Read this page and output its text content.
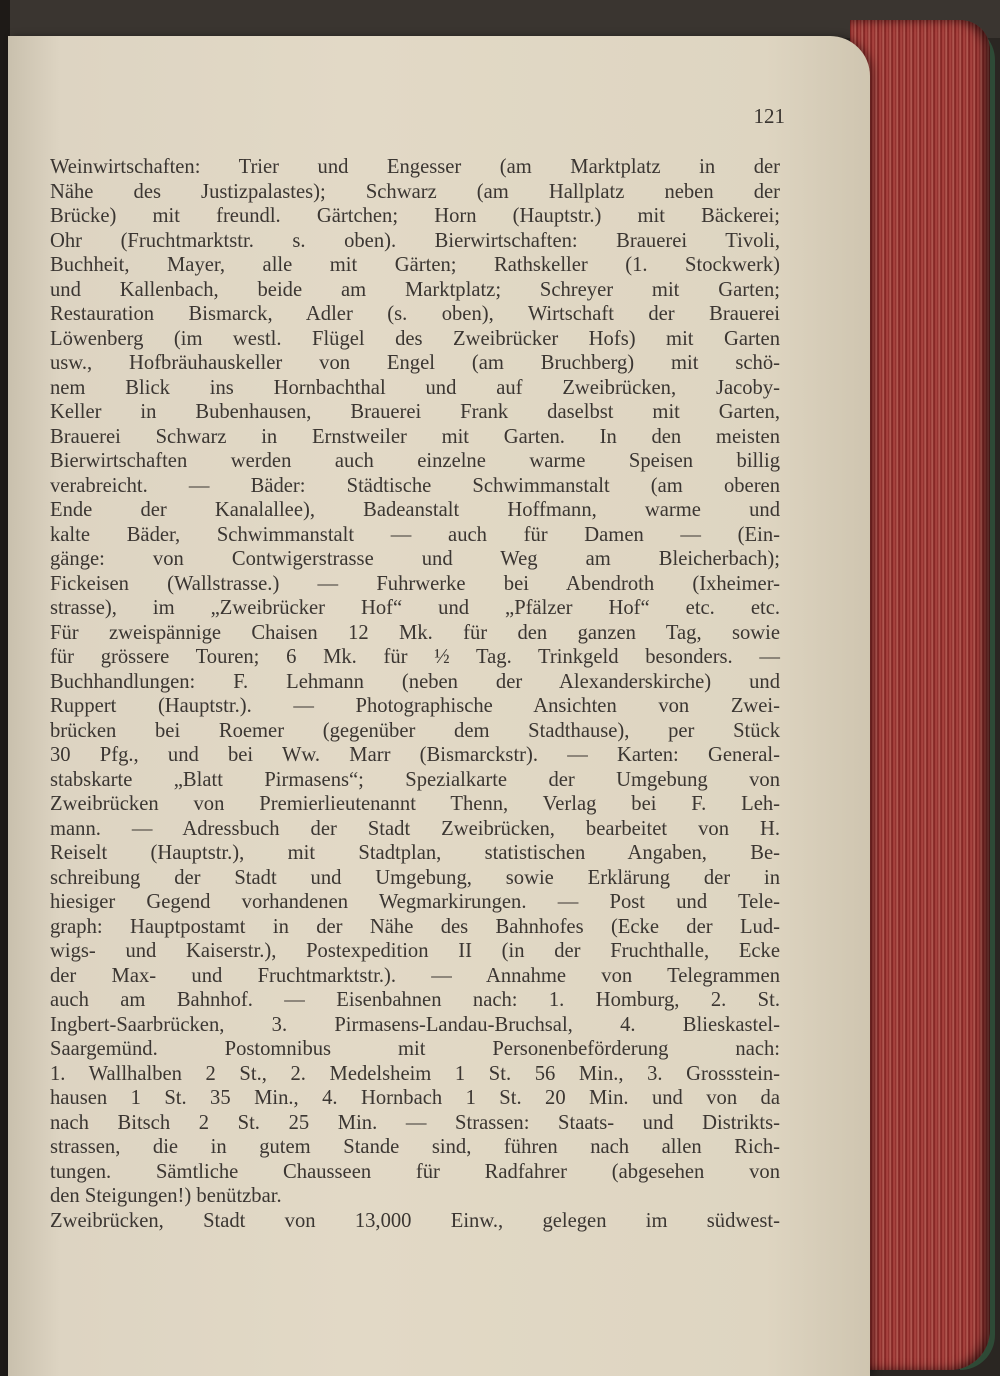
121
Weinwirtschaften: Trier und Engesser (am Marktplatz in der
Nähe des Justizpalastes); Schwarz (am Hallplatz neben der
Brücke) mit freundl. Gärtchen; Horn (Hauptstr.) mit Bäckerei;
Ohr (Fruchtmarktstr. s. oben). Bierwirtschaften: Brauerei Tivoli,
Buchheit, Mayer, alle mit Gärten; Rathskeller (1. Stockwerk)
und Kallenbach, beide am Marktplatz; Schreyer mit Garten;
Restauration Bismarck, Adler (s. oben), Wirtschaft der Brauerei
Löwenberg (im westl. Flügel des Zweibrücker Hofs) mit Garten
usw., Hofbräuhauskeller von Engel (am Bruchberg) mit schö-
nem Blick ins Hornbachthal und auf Zweibrücken, Jacoby-
Keller in Bubenhausen, Brauerei Frank daselbst mit Garten,
Brauerei Schwarz in Ernstweiler mit Garten. In den meisten
Bierwirtschaften werden auch einzelne warme Speisen billig
verabreicht. — Bäder: Städtische Schwimmanstalt (am oberen
Ende der Kanalallee), Badeanstalt Hoffmann, warme und
kalte Bäder, Schwimmanstalt — auch für Damen — (Ein-
gänge: von Contwigerstrasse und Weg am Bleicherbach);
Fickeisen (Wallstrasse.) — Fuhrwerke bei Abendroth (Ixheimer-
strasse), im „Zweibrücker Hof“ und „Pfälzer Hof“ etc. etc.
Für zweispännige Chaisen 12 Mk. für den ganzen Tag, sowie
für grössere Touren; 6 Mk. für ½ Tag. Trinkgeld besonders. —
Buchhandlungen: F. Lehmann (neben der Alexanderskirche) und
Ruppert (Hauptstr.). — Photographische Ansichten von Zwei-
brücken bei Roemer (gegenüber dem Stadthause), per Stück
30 Pfg., und bei Ww. Marr (Bismarckstr). — Karten: General-
stabskarte „Blatt Pirmasens“; Spezialkarte der Umgebung von
Zweibrücken von Premierlieutenannt Thenn, Verlag bei F. Leh-
mann. — Adressbuch der Stadt Zweibrücken, bearbeitet von H.
Reiselt (Hauptstr.), mit Stadtplan, statistischen Angaben, Be-
schreibung der Stadt und Umgebung, sowie Erklärung der in
hiesiger Gegend vorhandenen Wegmarkirungen. — Post und Tele-
graph: Hauptpostamt in der Nähe des Bahnhofes (Ecke der Lud-
wigs- und Kaiserstr.), Postexpedition II (in der Fruchthalle, Ecke
der Max- und Fruchtmarktstr.). — Annahme von Telegrammen
auch am Bahnhof. — Eisenbahnen nach: 1. Homburg, 2. St.
Ingbert-Saarbrücken, 3. Pirmasens-Landau-Bruchsal, 4. Blieskastel-
Saargemünd. Postomnibus mit Personenbeförderung nach:
1. Wallhalben 2 St., 2. Medelsheim 1 St. 56 Min., 3. Grossstein-
hausen 1 St. 35 Min., 4. Hornbach 1 St. 20 Min. und von da
nach Bitsch 2 St. 25 Min. — Strassen: Staats- und Distrikts-
strassen, die in gutem Stande sind, führen nach allen Rich-
tungen. Sämtliche Chausseen für Radfahrer (abgesehen von
den Steigungen!) benützbar.
Zweibrücken, Stadt von 13,000 Einw., gelegen im südwest-
